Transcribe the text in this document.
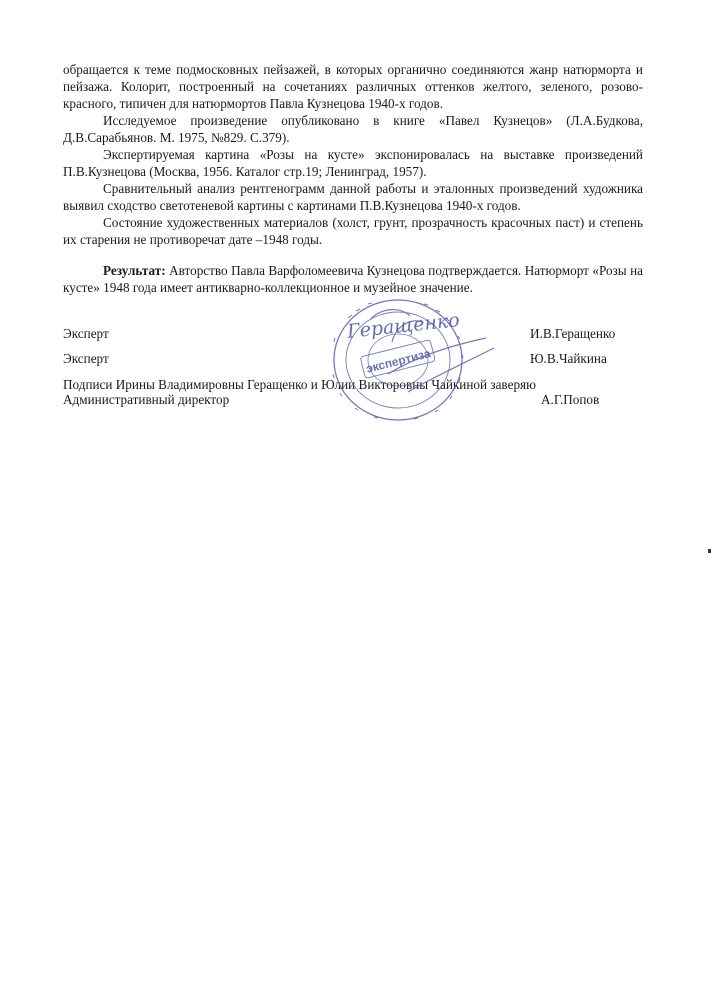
обращается к теме подмосковных пейзажей, в которых органично соединяются жанр натюрморта и пейзажа. Колорит, построенный на сочетаниях различных оттенков желтого, зеленого, розово-красного, типичен для натюрмортов Павла Кузнецова 1940-х годов.

Исследуемое произведение опубликовано в книге «Павел Кузнецов» (Л.А.Будкова, Д.В.Сарабьянов. М. 1975, №829. С.379).

Экспертируемая картина «Розы на кусте» экспонировалась на выставке произведений П.В.Кузнецова (Москва, 1956. Каталог стр.19; Ленинград, 1957).

Сравнительный анализ рентгенограмм данной работы и эталонных произведений художника выявил сходство светотеневой картины с картинами П.В.Кузнецова 1940-х годов.

Состояние художественных материалов (холст, грунт, прозрачность красочных паст) и степень их старения не противоречат дате –1948 годы.

Результат: Авторство Павла Варфоломеевича Кузнецова подтверждается. Натюрморт «Розы на кусте» 1948 года имеет антикварно-коллекционное и музейное значение.

Эксперт	И.В.Геращенко
Эксперт	Ю.В.Чайкина
Подписи Ирины Владимировны Геращенко и Юлии Викторовны Чайкиной заверяю
Административный директор	А.Г.Попов
экспертиза
Геращенко
